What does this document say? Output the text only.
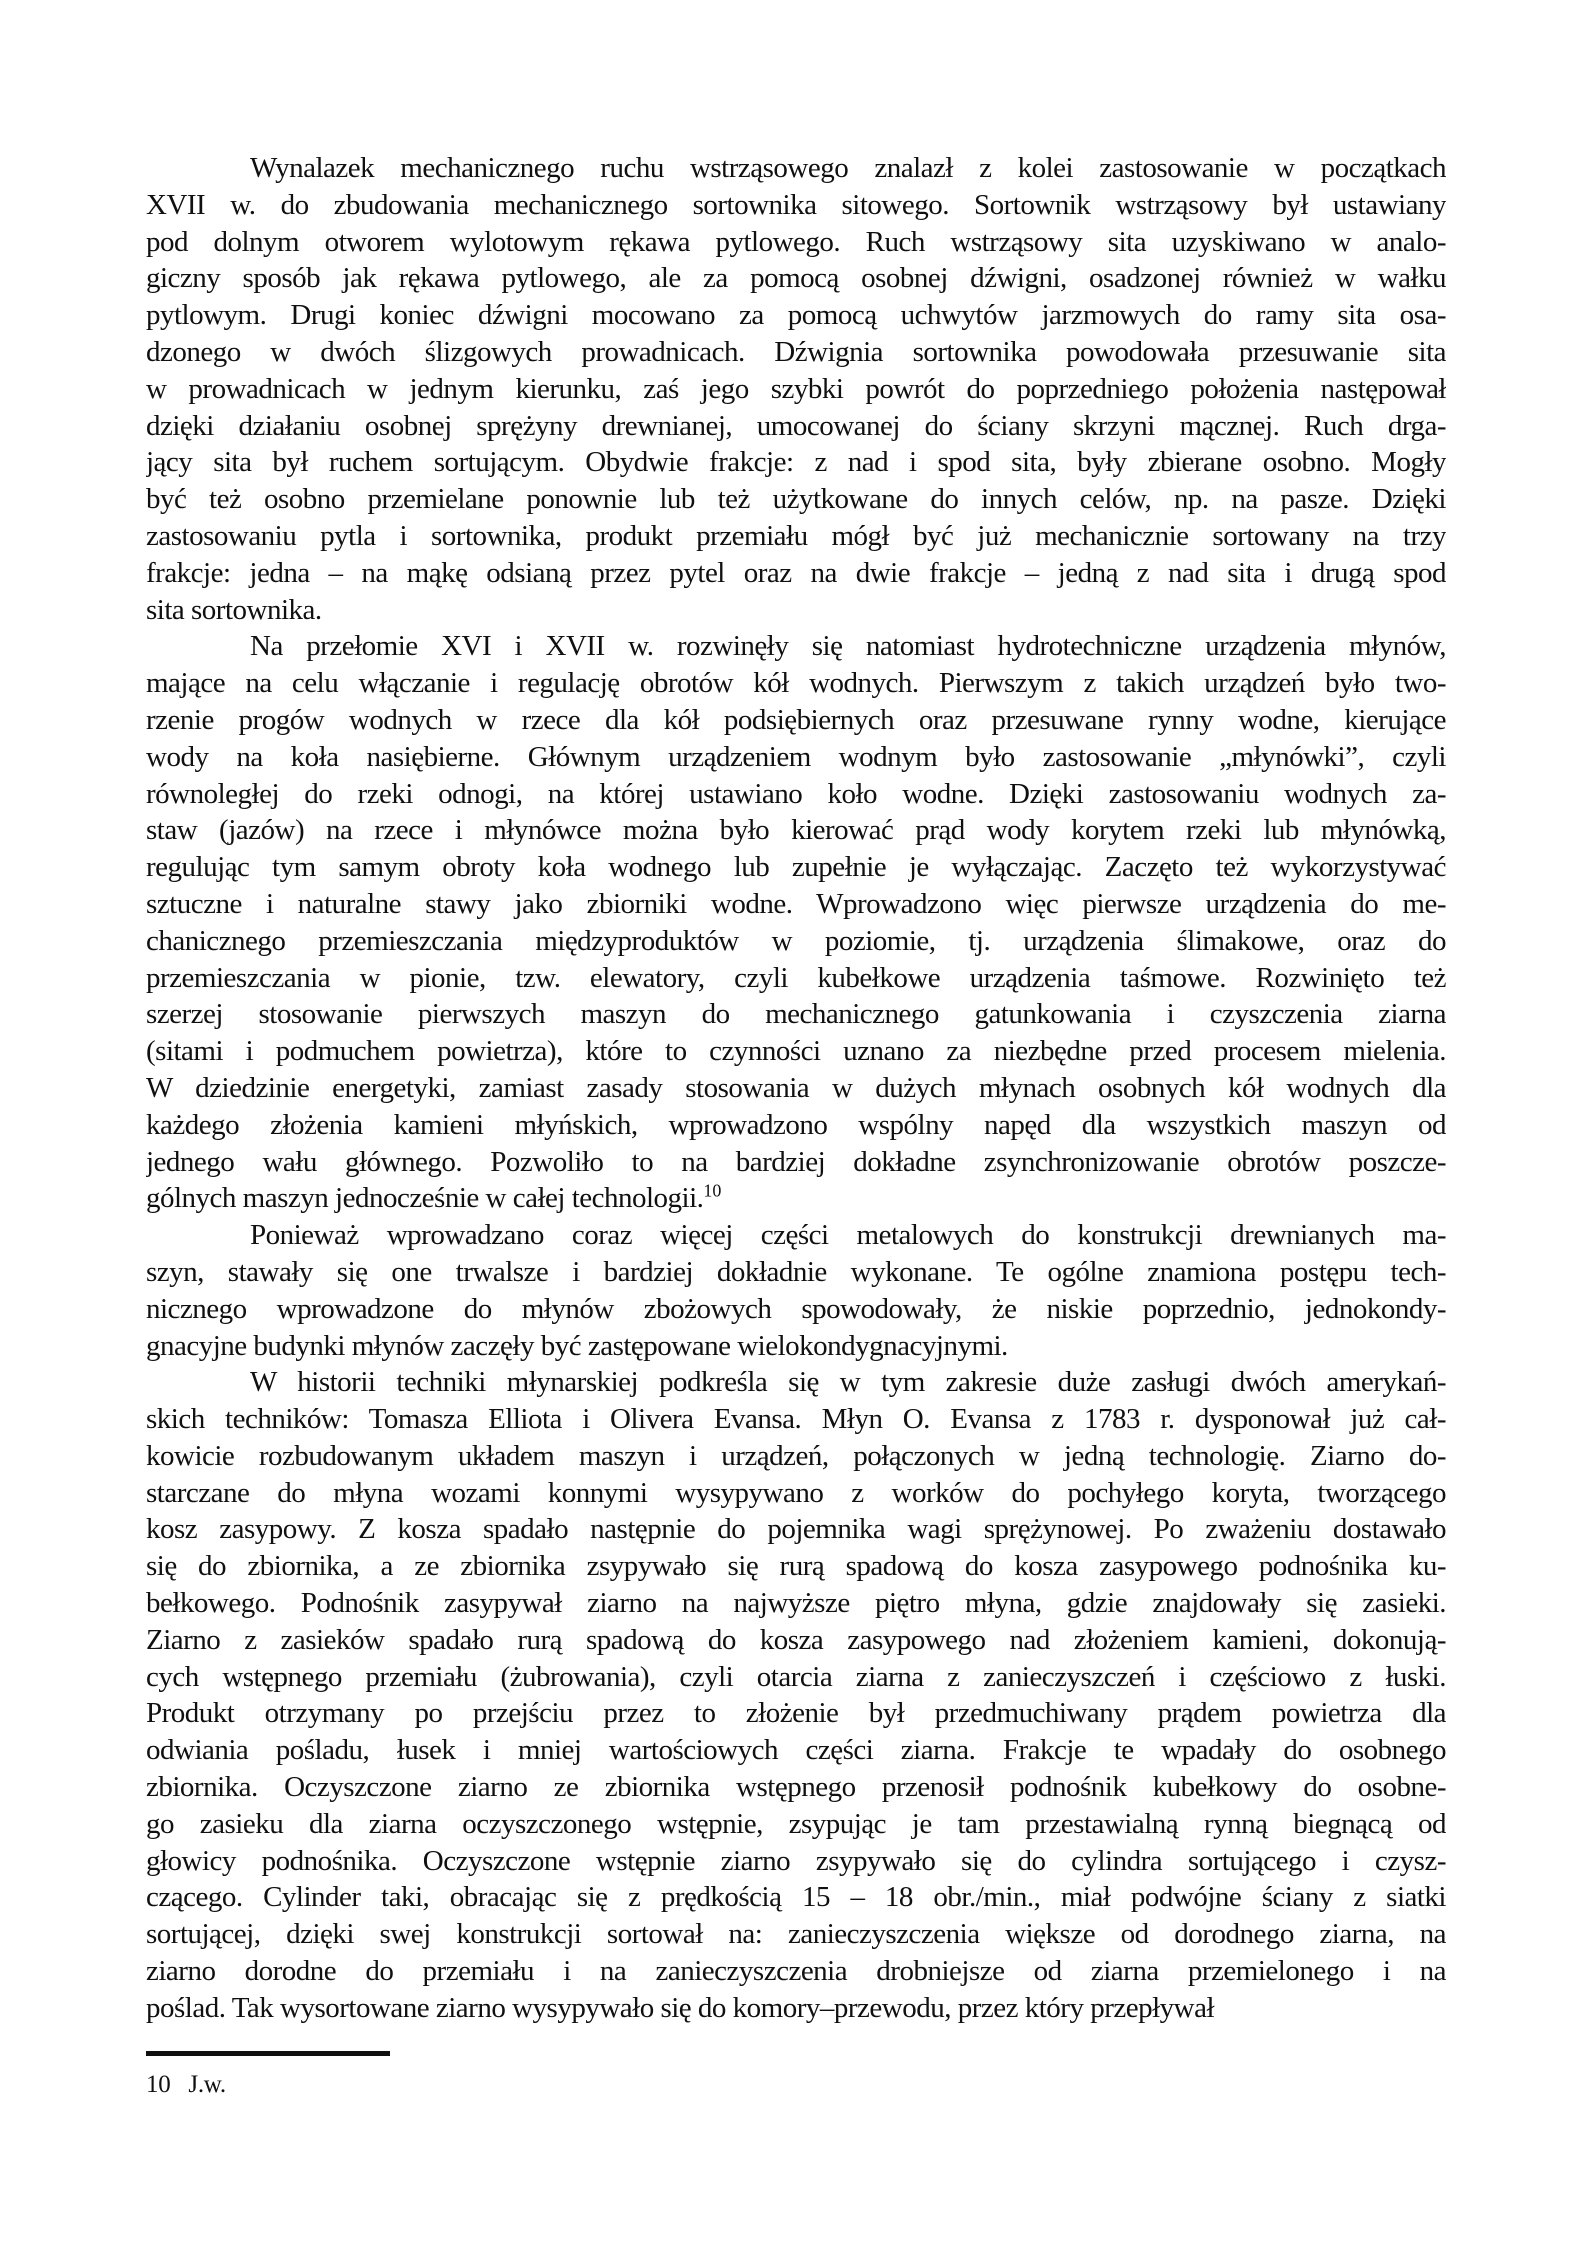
Wynalazek mechanicznego ruchu wstrząsowego znalazł z kolei zastosowanie w początkach
XVII w. do zbudowania mechanicznego sortownika sitowego. Sortownik wstrząsowy był ustawiany
pod dolnym otworem wylotowym rękawa pytlowego. Ruch wstrząsowy sita uzyskiwano w analo-
giczny sposób jak rękawa pytlowego, ale za pomocą osobnej dźwigni, osadzonej również w wałku
pytlowym. Drugi koniec dźwigni mocowano za pomocą uchwytów jarzmowych do ramy sita osa-
dzonego w dwóch ślizgowych prowadnicach. Dźwignia sortownika powodowała przesuwanie sita
w prowadnicach w jednym kierunku, zaś jego szybki powrót do poprzedniego położenia następował
dzięki działaniu osobnej sprężyny drewnianej, umocowanej do ściany skrzyni mącznej. Ruch drga-
jący sita był ruchem sortującym. Obydwie frakcje: z nad i spod sita, były zbierane osobno. Mogły
być też osobno przemielane ponownie lub też użytkowane do innych celów, np. na pasze. Dzięki
zastosowaniu pytla i sortownika, produkt przemiału mógł być już mechanicznie sortowany na trzy
frakcje: jedna – na mąkę odsianą przez pytel oraz na dwie frakcje – jedną z nad sita i drugą spod
sita sortownika.
Na przełomie XVI i XVII w. rozwinęły się natomiast hydrotechniczne urządzenia młynów,
mające na celu włączanie i regulację obrotów kół wodnych. Pierwszym z takich urządzeń było two-
rzenie progów wodnych w rzece dla kół podsiębiernych oraz przesuwane rynny wodne, kierujące
wody na koła nasiębierne. Głównym urządzeniem wodnym było zastosowanie „młynówki”, czyli
równoległej do rzeki odnogi, na której ustawiano koło wodne. Dzięki zastosowaniu wodnych za-
staw (jazów) na rzece i młynówce można było kierować prąd wody korytem rzeki lub młynówką,
regulując tym samym obroty koła wodnego lub zupełnie je wyłączając. Zaczęto też wykorzystywać
sztuczne i naturalne stawy jako zbiorniki wodne. Wprowadzono więc pierwsze urządzenia do me-
chanicznego przemieszczania międzyproduktów w poziomie, tj. urządzenia ślimakowe, oraz do
przemieszczania w pionie, tzw. elewatory, czyli kubełkowe urządzenia taśmowe. Rozwinięto też
szerzej stosowanie pierwszych maszyn do mechanicznego gatunkowania i czyszczenia ziarna
(sitami i podmuchem powietrza), które to czynności uznano za niezbędne przed procesem mielenia.
W dziedzinie energetyki, zamiast zasady stosowania w dużych młynach osobnych kół wodnych dla
każdego złożenia kamieni młyńskich, wprowadzono wspólny napęd dla wszystkich maszyn od
jednego wału głównego. Pozwoliło to na bardziej dokładne zsynchronizowanie obrotów poszcze-
gólnych maszyn jednocześnie w całej technologii.$^{10}$
Ponieważ wprowadzano coraz więcej części metalowych do konstrukcji drewnianych ma-
szyn, stawały się one trwalsze i bardziej dokładnie wykonane. Te ogólne znamiona postępu tech-
nicznego wprowadzone do młynów zbożowych spowodowały, że niskie poprzednio, jednokondy-
gnacyjne budynki młynów zaczęły być zastępowane wielokondygnacyjnymi.
W historii techniki młynarskiej podkreśla się w tym zakresie duże zasługi dwóch amerykań-
skich techników: Tomasza Elliota i Olivera Evansa. Młyn O. Evansa z 1783 r. dysponował już cał-
kowicie rozbudowanym układem maszyn i urządzeń, połączonych w jedną technologię. Ziarno do-
starczane do młyna wozami konnymi wysypywano z worków do pochyłego koryta, tworzącego
kosz zasypowy. Z kosza spadało następnie do pojemnika wagi sprężynowej. Po zważeniu dostawało
się do zbiornika, a ze zbiornika zsypywało się rurą spadową do kosza zasypowego podnośnika ku-
bełkowego. Podnośnik zasypywał ziarno na najwyższe piętro młyna, gdzie znajdowały się zasieki.
Ziarno z zasieków spadało rurą spadową do kosza zasypowego nad złożeniem kamieni, dokonują-
cych wstępnego przemiału (żubrowania), czyli otarcia ziarna z zanieczyszczeń i częściowo z łuski.
Produkt otrzymany po przejściu przez to złożenie był przedmuchiwany prądem powietrza dla
odwiania pośladu, łusek i mniej wartościowych części ziarna. Frakcje te wpadały do osobnego
zbiornika. Oczyszczone ziarno ze zbiornika wstępnego przenosił podnośnik kubełkowy do osobne-
go zasieku dla ziarna oczyszczonego wstępnie, zsypując je tam przestawialną rynną biegnącą od
głowicy podnośnika. Oczyszczone wstępnie ziarno zsypywało się do cylindra sortującego i czysz-
czącego. Cylinder taki, obracając się z prędkością 15 – 18 obr./min., miał podwójne ściany z siatki
sortującej, dzięki swej konstrukcji sortował na: zanieczyszczenia większe od dorodnego ziarna, na
ziarno dorodne do przemiału i na zanieczyszczenia drobniejsze od ziarna przemielonego i na
poślad. Tak wysortowane ziarno wysypywało się do komory–przewodu, przez który przepływał
10 J.w.
